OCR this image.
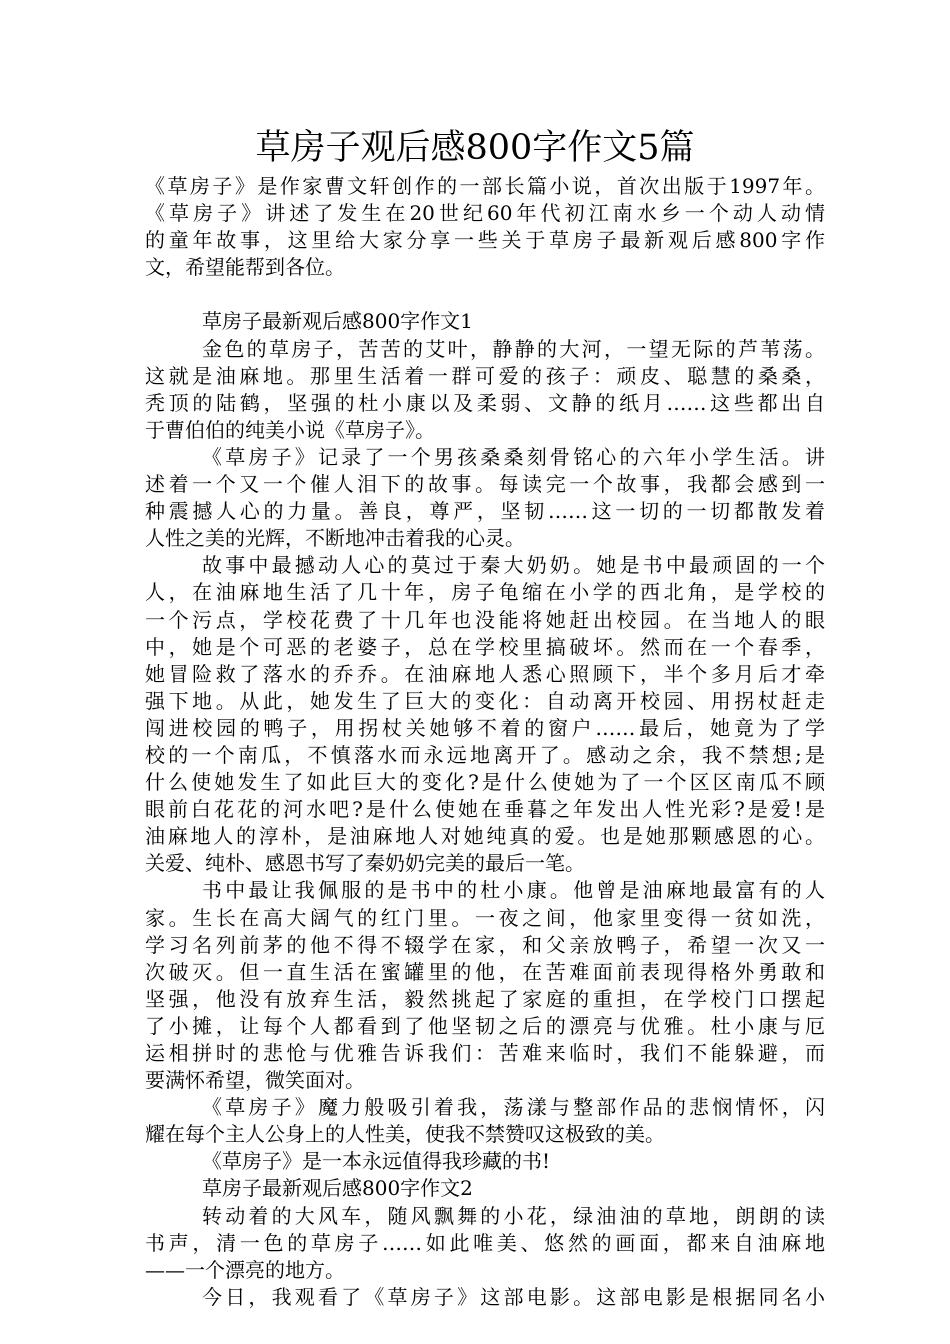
草房子观后感800字作文5篇

《草房子》是作家曹文轩创作的一部长篇小说，首次出版于1997年。
《草房子》讲述了发生在20世纪60年代初江南水乡一个动人动情
的童年故事，这里给大家分享一些关于草房子最新观后感800字作
文，希望能帮到各位。

草房子最新观后感800字作文1

金色的草房子，苦苦的艾叶，静静的大河，一望无际的芦苇荡。
这就是油麻地。那里生活着一群可爱的孩子：顽皮、聪慧的桑桑，
秃顶的陆鹤，坚强的杜小康以及柔弱、文静的纸月……这些都出自
于曹伯伯的纯美小说《草房子》。

《草房子》记录了一个男孩桑桑刻骨铭心的六年小学生活。讲
述着一个又一个催人泪下的故事。每读完一个故事，我都会感到一
种震撼人心的力量。善良，尊严，坚韧……这一切的一切都散发着
人性之美的光辉，不断地冲击着我的心灵。

故事中最撼动人心的莫过于秦大奶奶。她是书中最顽固的一个
人，在油麻地生活了几十年，房子龟缩在小学的西北角，是学校的
一个污点，学校花费了十几年也没能将她赶出校园。在当地人的眼
中，她是个可恶的老婆子，总在学校里搞破坏。然而在一个春季，
她冒险救了落水的乔乔。在油麻地人悉心照顾下，半个多月后才牵
强下地。从此，她发生了巨大的变化：自动离开校园、用拐杖赶走
闯进校园的鸭子，用拐杖关她够不着的窗户……最后，她竟为了学
校的一个南瓜，不慎落水而永远地离开了。感动之余，我不禁想;是
什么使她发生了如此巨大的变化?是什么使她为了一个区区南瓜不顾
眼前白花花的河水吧?是什么使她在垂暮之年发出人性光彩?是爱!是
油麻地人的淳朴，是油麻地人对她纯真的爱。也是她那颗感恩的心。
关爱、纯朴、感恩书写了秦奶奶完美的最后一笔。

书中最让我佩服的是书中的杜小康。他曾是油麻地最富有的人
家。生长在高大阔气的红门里。一夜之间，他家里变得一贫如洗，
学习名列前茅的他不得不辍学在家，和父亲放鸭子，希望一次又一
次破灭。但一直生活在蜜罐里的他，在苦难面前表现得格外勇敢和
坚强，他没有放弃生活，毅然挑起了家庭的重担，在学校门口摆起
了小摊，让每个人都看到了他坚韧之后的漂亮与优雅。杜小康与厄
运相拼时的悲怆与优雅告诉我们：苦难来临时，我们不能躲避，而
要满怀希望，微笑面对。

《草房子》魔力般吸引着我，荡漾与整部作品的悲悯情怀，闪
耀在每个主人公身上的人性美，使我不禁赞叹这极致的美。

《草房子》是一本永远值得我珍藏的书!

草房子最新观后感800字作文2

转动着的大风车，随风飘舞的小花，绿油油的草地，朗朗的读
书声，清一色的草房子……如此唯美、悠然的画面，都来自油麻地
——一个漂亮的地方。

今日，我观看了《草房子》这部电影。这部电影是根据同名小
